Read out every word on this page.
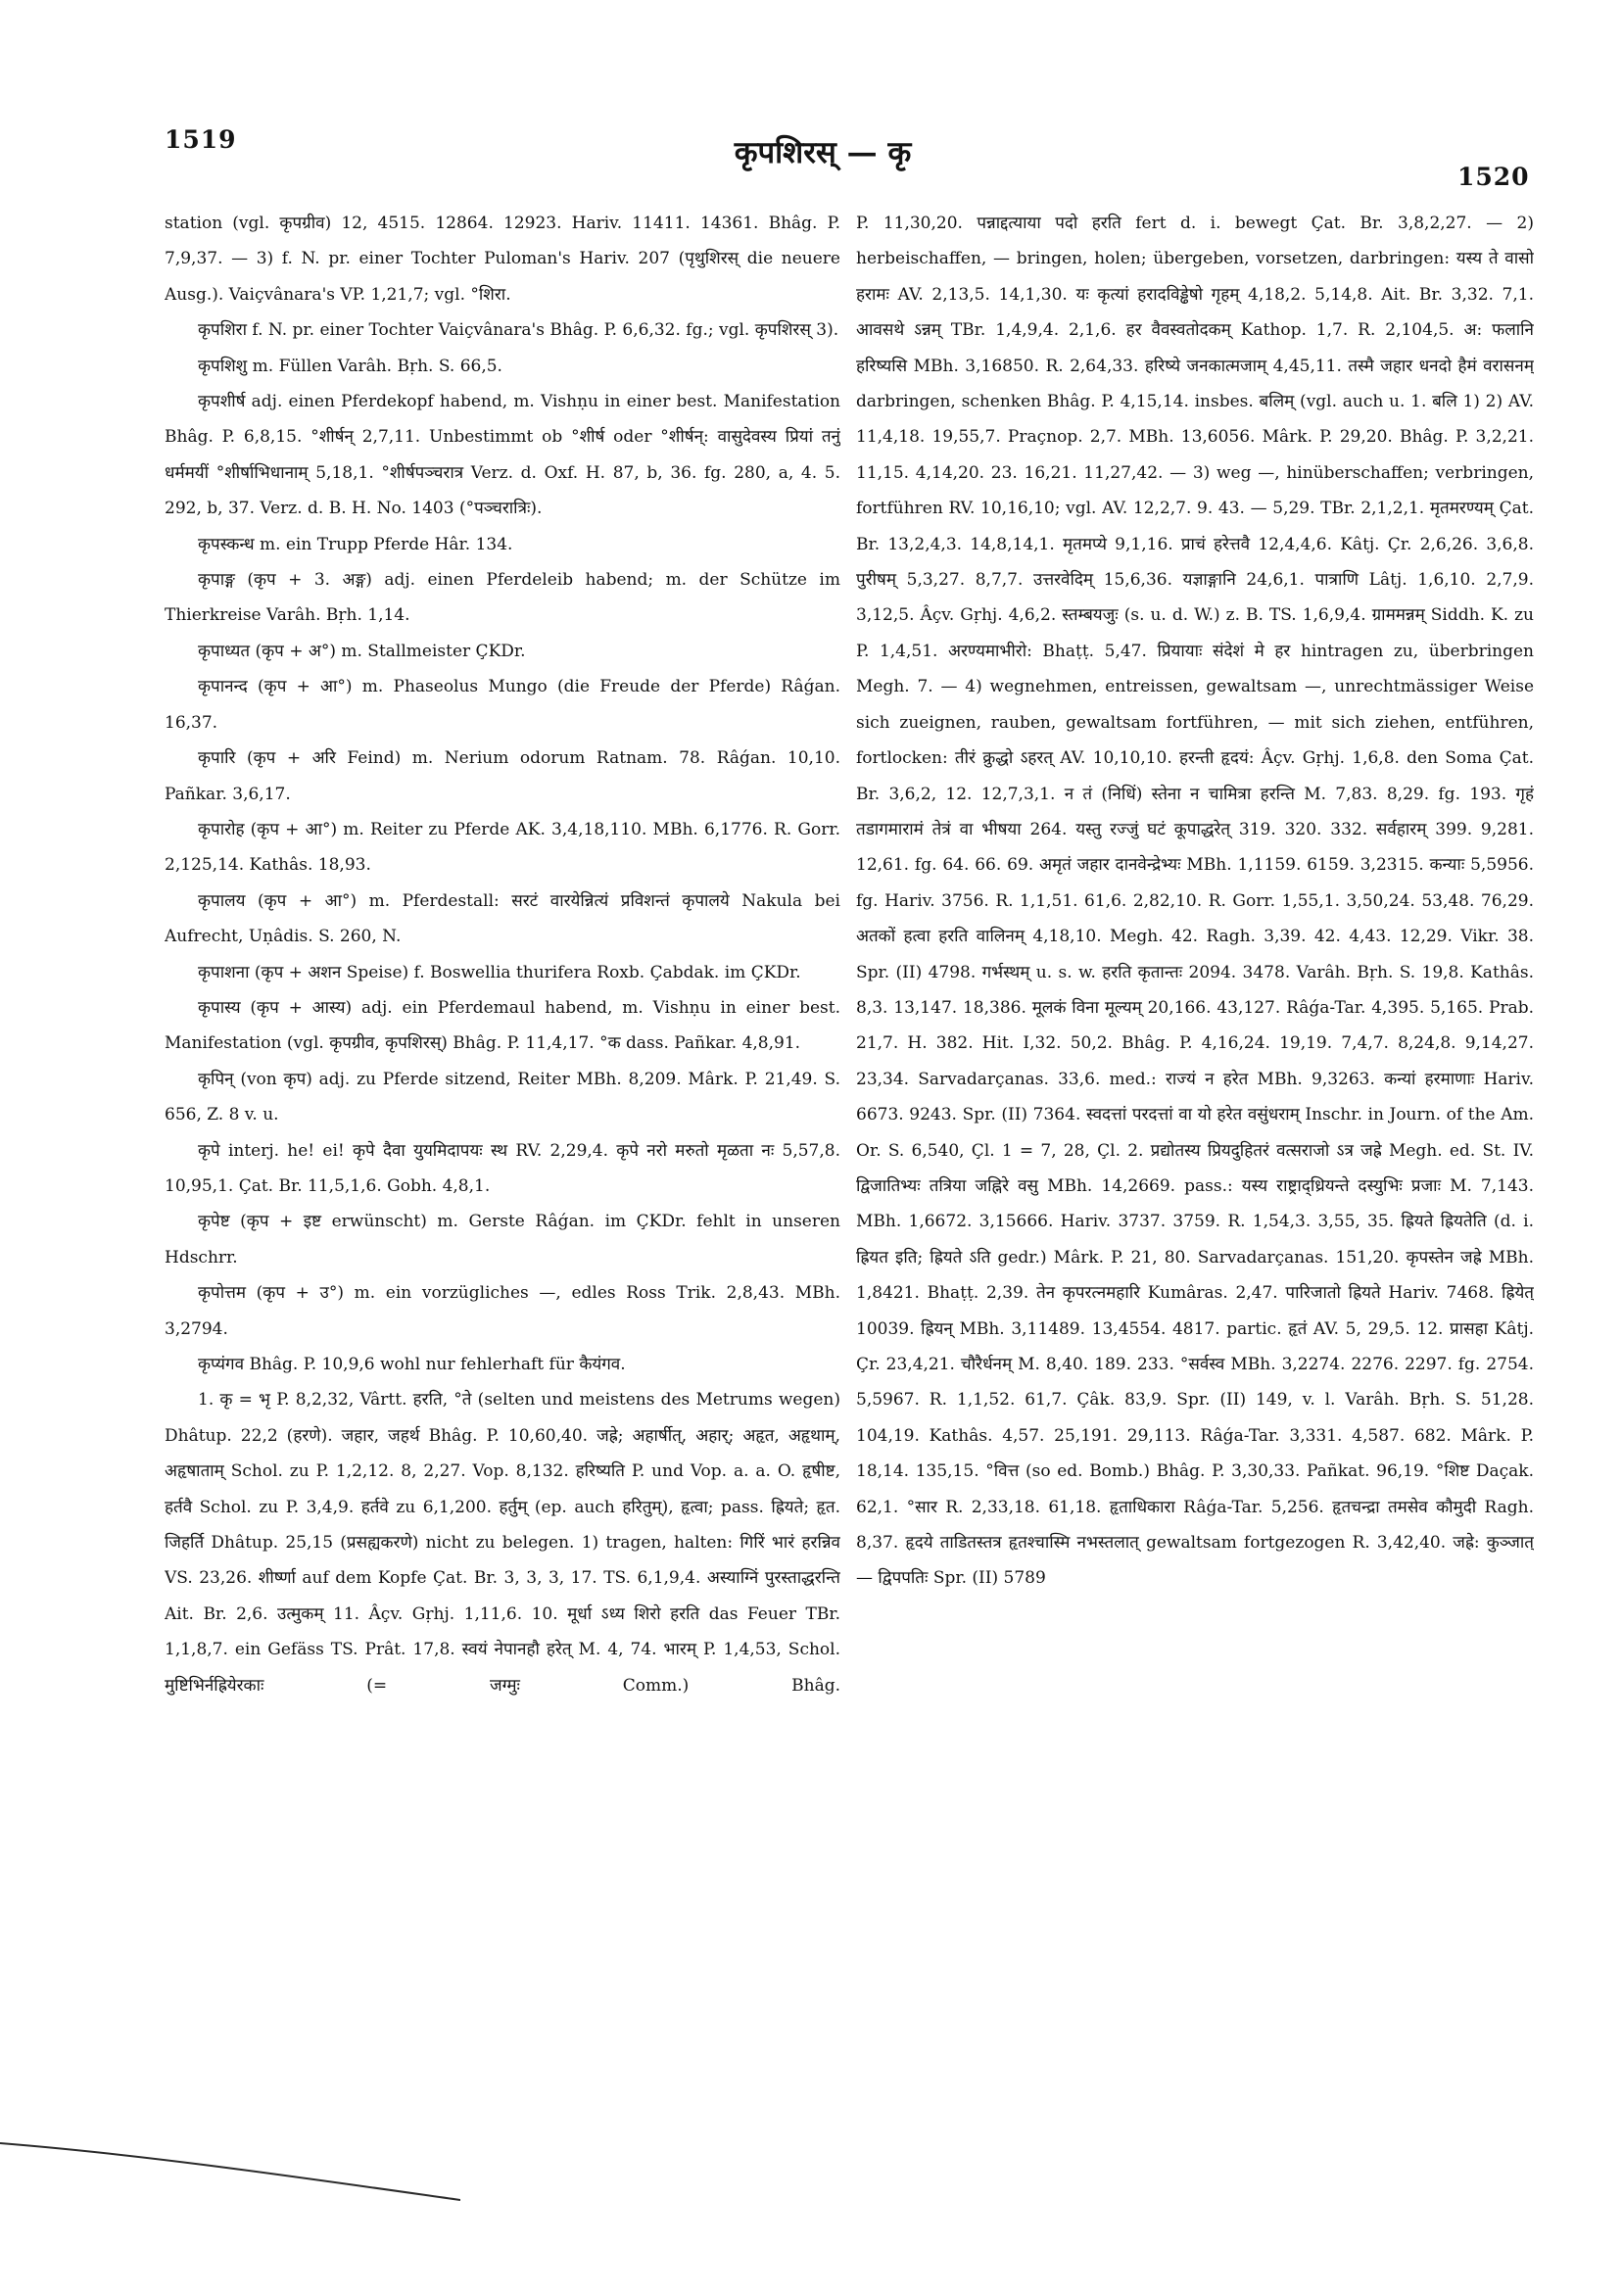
1519	कृपशिरस् — कृ
1520

station (vgl. कृपग्रीव) 12, 4515. 12864. 12923. Hariv. 11411. 14361. Bhâg. P. 7,9,37. — 3) f. N. pr. einer Tochter Puloman's Hariv. 207 (पृथुशिरस् die neuere Ausg.). Vaiçvânara's VP. 1,21,7; vgl. °शिरा.

कृपशिरा f. N. pr. einer Tochter Vaiçvânara's Bhâg. P. 6,6,32. fg.; vgl. कृपशिरस् 3).

कृपशिशु m. Füllen Varâh. Bṛh. S. 66,5.

कृपशीर्ष adj. einen Pferdekopf habend, m. Vishṇu in einer best. Manifestation Bhâg. P. 6,8,15. °शीर्षन् 2,7,11. Unbestimmt ob °शीर्ष oder °शीर्षन्: वासुदेवस्य प्रियां तनुं धर्ममयीं °शीर्षाभिधानाम् 5,18,1. °शीर्षपञ्चरात्र Verz. d. Oxf. H. 87, b, 36. fg. 280, a, 4. 5. 292, b, 37. Verz. d. B. H. No. 1403 (°पञ्चरात्रिः).

कृपस्कन्ध m. ein Trupp Pferde Hâr. 134.

कृपाङ्ग (कृप + 3. अङ्ग) adj. einen Pferdeleib habend; m. der Schütze im Thierkreise Varâh. Bṛh. 1,14.

कृपाध्यत (कृप + अ°) m. Stallmeister ÇKDr.

कृपानन्द (कृप + आ°) m. Phaseolus Mungo (die Freude der Pferde) Râǵan. 16,37.

कृपारि (कृप + अरि Feind) m. Nerium odorum Ratnam. 78. Râǵan. 10,10. Pañkar. 3,6,17.

कृपारोह (कृप + आ°) m. Reiter zu Pferde AK. 3,4,18,110. MBh. 6,1776. R. Gorr. 2,125,14. Kathâs. 18,93.

कृपालय (कृप + आ°) m. Pferdestall: सरटं वारयेन्नित्यं प्रविशन्तं कृपालये Nakula bei Aufrecht, Uṇâdis. S. 260, N.

कृपाशना (कृप + अशन Speise) f. Boswellia thurifera Roxb. Çabdak. im ÇKDr.

कृपास्य (कृप + आस्य) adj. ein Pferdemaul habend, m. Vishṇu in einer best. Manifestation (vgl. कृपग्रीव, कृपशिरस्) Bhâg. P. 11,4,17. °क dass. Pañkar. 4,8,91.

कृपिन् (von कृप) adj. zu Pferde sitzend, Reiter MBh. 8,209. Mârk. P. 21,49. S. 656, Z. 8 v. u.

कृपे interj. he! ei! कृपे दैवा युयमिदापयः स्थ RV. 2,29,4. कृपे नरो मरुतो मृळता नः 5,57,8. 10,95,1. Çat. Br. 11,5,1,6. Gobh. 4,8,1.

कृपेष्ट (कृप + इष्ट erwünscht) m. Gerste Râǵan. im ÇKDr. fehlt in unseren Hdschrr.

कृपोत्तम (कृप + उ°) m. ein vorzügliches —, edles Ross Trik. 2,8,43. MBh. 3,2794.

कृप्यंगव Bhâg. P. 10,9,6 wohl nur fehlerhaft für कैयंगव.

1. कृ = भृ P. 8,2,32, Vârtt. हरति, °ते (selten und meistens des Metrums wegen) Dhâtup. 22,2 (हरणे). जहार, जहर्थ Bhâg. P. 10,60,40. जह्रे; अहार्षीत्, अहार्; अहृत, अहृथाम्, अहृषाताम् Schol. zu P. 1,2,12. 8, 2,27. Vop. 8,132. हरिष्यति P. und Vop. a. a. O. हृषीष्ट, हर्तवै Schol. zu P. 3,4,9. हर्तवे zu 6,1,200. हर्तुम् (ep. auch हरितुम्), हृत्वा; pass. ह्रियते; हृत. जिहर्ति Dhâtup. 25,15 (प्रसह्यकरणे) nicht zu belegen. 1) tragen, halten: गिरिं भारं हरन्निव VS. 23,26. शीर्ष्णा auf dem Kopfe Çat. Br. 3, 3, 3, 17. TS. 6,1,9,4. अस्याग्निं पुरस्ताद्धरन्ति Ait. Br. 2,6. उत्मुकम् 11. Âçv. Gṛhj. 1,11,6. 10. मूर्धा ऽध्य शिरो हरति das Feuer TBr. 1,1,8,7. ein Gefäss TS. Prât. 17,8. स्वयं नेपानहौ हरेत् M. 4, 74. भारम् P. 1,4,53, Schol. मुष्टिभिर्नह्रियेरकाः (= जग्मुः Comm.) Bhâg.

P. 11,30,20. पन्नाद्दत्याया पदो हरति fert d. i. bewegt Çat. Br. 3,8,2,27. — 2) herbeischaffen, — bringen, holen; übergeben, vorsetzen, darbringen: यस्य ते वासो हरामः AV. 2,13,5. 14,1,30. यः कृत्यां हरादविड्ढेषो गृहम् 4,18,2. 5,14,8. Ait. Br. 3,32. 7,1. आवसथे ऽन्नम् TBr. 1,4,9,4. 2,1,6. हर वैवस्वतोदकम् Kathop. 1,7. R. 2,104,5. अ: फलानि हरिष्यसि MBh. 3,16850. R. 2,64,33. हरिष्ये जनकात्मजाम् 4,45,11. तस्मै जहार धनदो हैमं वरासनम् darbringen, schenken Bhâg. P. 4,15,14. insbes. बलिम् (vgl. auch u. 1. बलि 1) 2) AV. 11,4,18. 19,55,7. Praçnop. 2,7. MBh. 13,6056. Mârk. P. 29,20. Bhâg. P. 3,2,21. 11,15. 4,14,20. 23. 16,21. 11,27,42. — 3) weg —, hinüberschaffen; verbringen, fortführen RV. 10,16,10; vgl. AV. 12,2,7. 9. 43. — 5,29. TBr. 2,1,2,1. मृतमरण्यम् Çat. Br. 13,2,4,3. 14,8,14,1. मृतमप्ये 9,1,16. प्राचं हरेत्तवै 12,4,4,6. Kâtj. Çr. 2,6,26. 3,6,8. पुरीषम् 5,3,27. 8,7,7. उत्तरवेदिम् 15,6,36. यज्ञाङ्गानि 24,6,1. पात्राणि Lâtj. 1,6,10. 2,7,9. 3,12,5. Âçv. Gṛhj. 4,6,2. स्तम्बयजुः (s. u. d. W.) z. B. TS. 1,6,9,4. ग्राममन्नम् Siddh. K. zu P. 1,4,51. अरण्यमाभीरो: Bhaṭṭ. 5,47. प्रियायाः संदेशं मे हर hintragen zu, überbringen Megh. 7. — 4) wegnehmen, entreissen, gewaltsam —, unrechtmässiger Weise sich zueignen, rauben, gewaltsam fortführen, — mit sich ziehen, entführen, fortlocken: तीरं क्रुद्धो ऽहरत् AV. 10,10,10. हरन्ती हृदयं: Âçv. Gṛhj. 1,6,8. den Soma Çat. Br. 3,6,2, 12. 12,7,3,1. न तं (निधिं) स्तेना न चामित्रा हरन्ति M. 7,83. 8,29. fg. 193. गृहं तडागमारामं तेत्रं वा भीषया 264. यस्तु रज्जुं घटं कूपाद्धरेत् 319. 320. 332. सर्वहारम् 399. 9,281. 12,61. fg. 64. 66. 69. अमृतं जहार दानवेन्द्रेभ्यः MBh. 1,1159. 6159. 3,2315. कन्याः 5,5956. fg. Hariv. 3756. R. 1,1,51. 61,6. 2,82,10. R. Gorr. 1,55,1. 3,50,24. 53,48. 76,29. अतकों हत्वा हरति वालिनम् 4,18,10. Megh. 42. Ragh. 3,39. 42. 4,43. 12,29. Vikr. 38. Spr. (II) 4798. गर्भस्थम् u. s. w. हरति कृतान्तः 2094. 3478. Varâh. Bṛh. S. 19,8. Kathâs. 8,3. 13,147. 18,386. मूलकं विना मूल्यम् 20,166. 43,127. Râǵa-Tar. 4,395. 5,165. Prab. 21,7. H. 382. Hit. I,32. 50,2. Bhâg. P. 4,16,24. 19,19. 7,4,7. 8,24,8. 9,14,27. 23,34. Sarvadarçanas. 33,6. med.: राज्यं न हरेत MBh. 9,3263. कन्यां हरमाणाः Hariv. 6673. 9243. Spr. (II) 7364. स्वदत्तां परदत्तां वा यो हरेत वसुंधराम् Inschr. in Journ. of the Am. Or. S. 6,540, Çl. 1 = 7, 28, Çl. 2. प्रद्योतस्य प्रियदुहितरं वत्सराजो ऽत्र जह्रे Megh. ed. St. IV. द्विजातिभ्यः तत्रिया जह्निरे वसु MBh. 14,2669. pass.: यस्य राष्ट्राद्ध्रियन्ते दस्युभिः प्रजाः M. 7,143. MBh. 1,6672. 3,15666. Hariv. 3737. 3759. R. 1,54,3. 3,55, 35. ह्रियते ह्रियतेति (d. i. ह्रियत इति; ह्रियते ऽति gedr.) Mârk. P. 21, 80. Sarvadarçanas. 151,20. कृपस्तेन जह्रे MBh. 1,8421. Bhaṭṭ. 2,39. तेन कृपरत्नमहारि Kumâras. 2,47. पारिजातो ह्रियते Hariv. 7468. ह्रियेत् 10039. ह्रियन् MBh. 3,11489. 13,4554. 4817. partic. हृतं AV. 5, 29,5. 12. प्रासहा Kâtj. Çr. 23,4,21. चौरैर्धनम् M. 8,40. 189. 233. °सर्वस्व MBh. 3,2274. 2276. 2297. fg. 2754. 5,5967. R. 1,1,52. 61,7. Çâk. 83,9. Spr. (II) 149, v. l. Varâh. Bṛh. S. 51,28. 104,19. Kathâs. 4,57. 25,191. 29,113. Râǵa-Tar. 3,331. 4,587. 682. Mârk. P. 18,14. 135,15. °वित्त (so ed. Bomb.) Bhâg. P. 3,30,33. Pañkat. 96,19. °शिष्ट Daçak. 62,1. °सार R. 2,33,18. 61,18. हृताधिकारा Râǵa-Tar. 5,256. हृतचन्द्रा तमसेव कौमुदी Ragh. 8,37. हृदये ताडितस्तत्र हृतश्चास्मि नभस्तलात् gewaltsam fortgezogen R. 3,42,40. जह्रे: कुञ्जात् — द्विपपतिः Spr. (II) 5789
